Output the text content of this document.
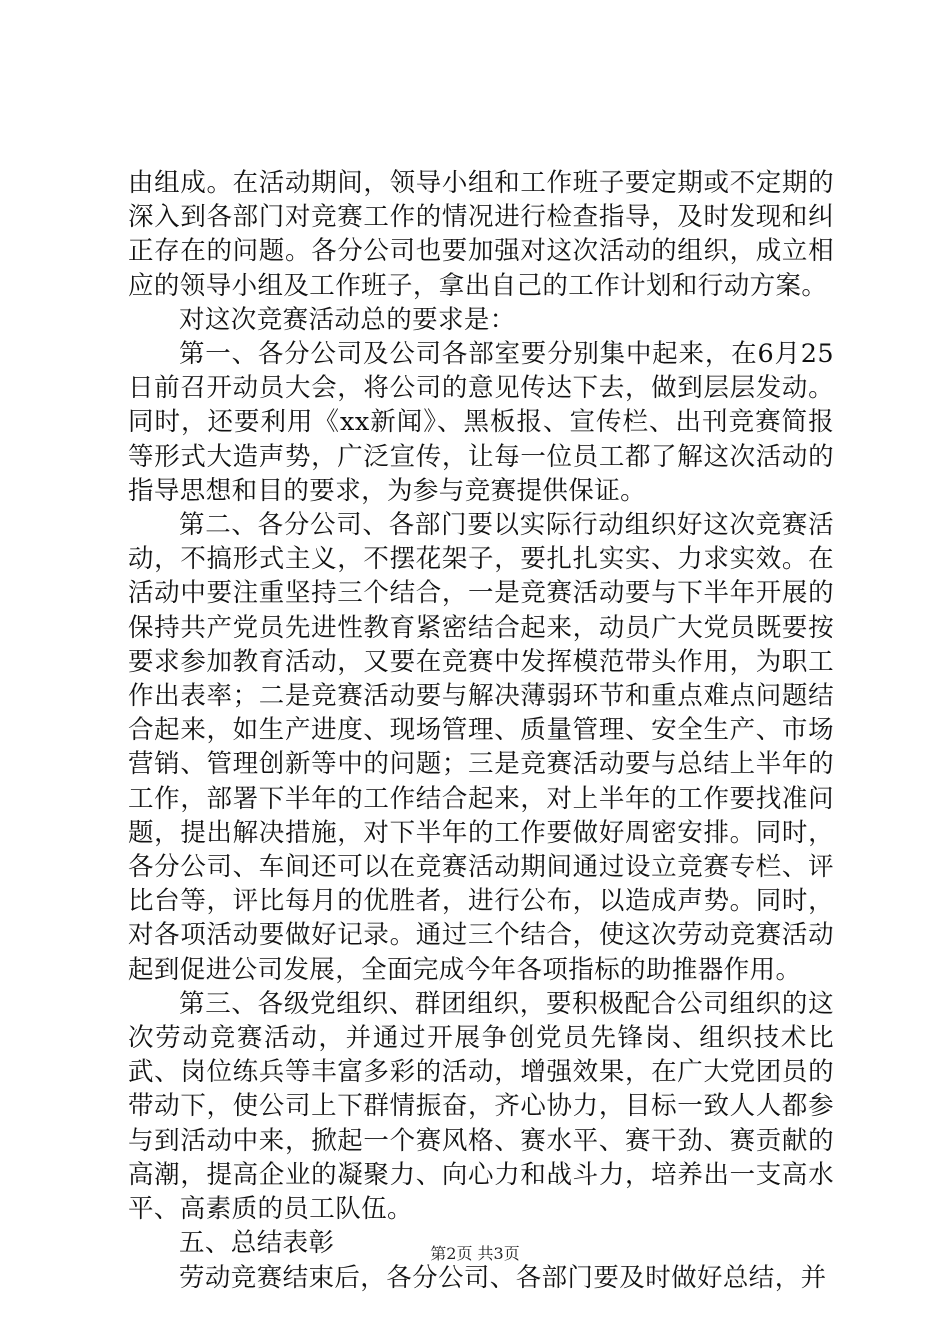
由组成。在活动期间，领导小组和工作班子要定期或不定期的深入到各部门对竞赛工作的情况进行检查指导，及时发现和纠正存在的问题。各分公司也要加强对这次活动的组织，成立相应的领导小组及工作班子，拿出自己的工作计划和行动方案。

对这次竞赛活动总的要求是：

第一、各分公司及公司各部室要分别集中起来，在6月25日前召开动员大会，将公司的意见传达下去，做到层层发动。同时，还要利用《xx新闻》、黑板报、宣传栏、出刊竞赛简报等形式大造声势，广泛宣传，让每一位员工都了解这次活动的指导思想和目的要求，为参与竞赛提供保证。

第二、各分公司、各部门要以实际行动组织好这次竞赛活动，不搞形式主义，不摆花架子，要扎扎实实、力求实效。在活动中要注重坚持三个结合，一是竞赛活动要与下半年开展的保持共产党员先进性教育紧密结合起来，动员广大党员既要按要求参加教育活动，又要在竞赛中发挥模范带头作用，为职工作出表率；二是竞赛活动要与解决薄弱环节和重点难点问题结合起来，如生产进度、现场管理、质量管理、安全生产、市场营销、管理创新等中的问题；三是竞赛活动要与总结上半年的工作，部署下半年的工作结合起来，对上半年的工作要找准问题，提出解决措施，对下半年的工作要做好周密安排。同时，各分公司、车间还可以在竞赛活动期间通过设立竞赛专栏、评比台等，评比每月的优胜者，进行公布，以造成声势。同时，对各项活动要做好记录。通过三个结合，使这次劳动竞赛活动起到促进公司发展，全面完成今年各项指标的助推器作用。

第三、各级党组织、群团组织，要积极配合公司组织的这次劳动竞赛活动，并通过开展争创党员先锋岗、组织技术比武、岗位练兵等丰富多彩的活动，增强效果，在广大党团员的带动下，使公司上下群情振奋，齐心协力，目标一致人人都参与到活动中来，掀起一个赛风格、赛水平、赛干劲、赛贡献的高潮，提高企业的凝聚力、向心力和战斗力，培养出一支高水平、高素质的员工队伍。

五、总结表彰

劳动竞赛结束后，各分公司、各部门要及时做好总结，并

第2页 共3页
